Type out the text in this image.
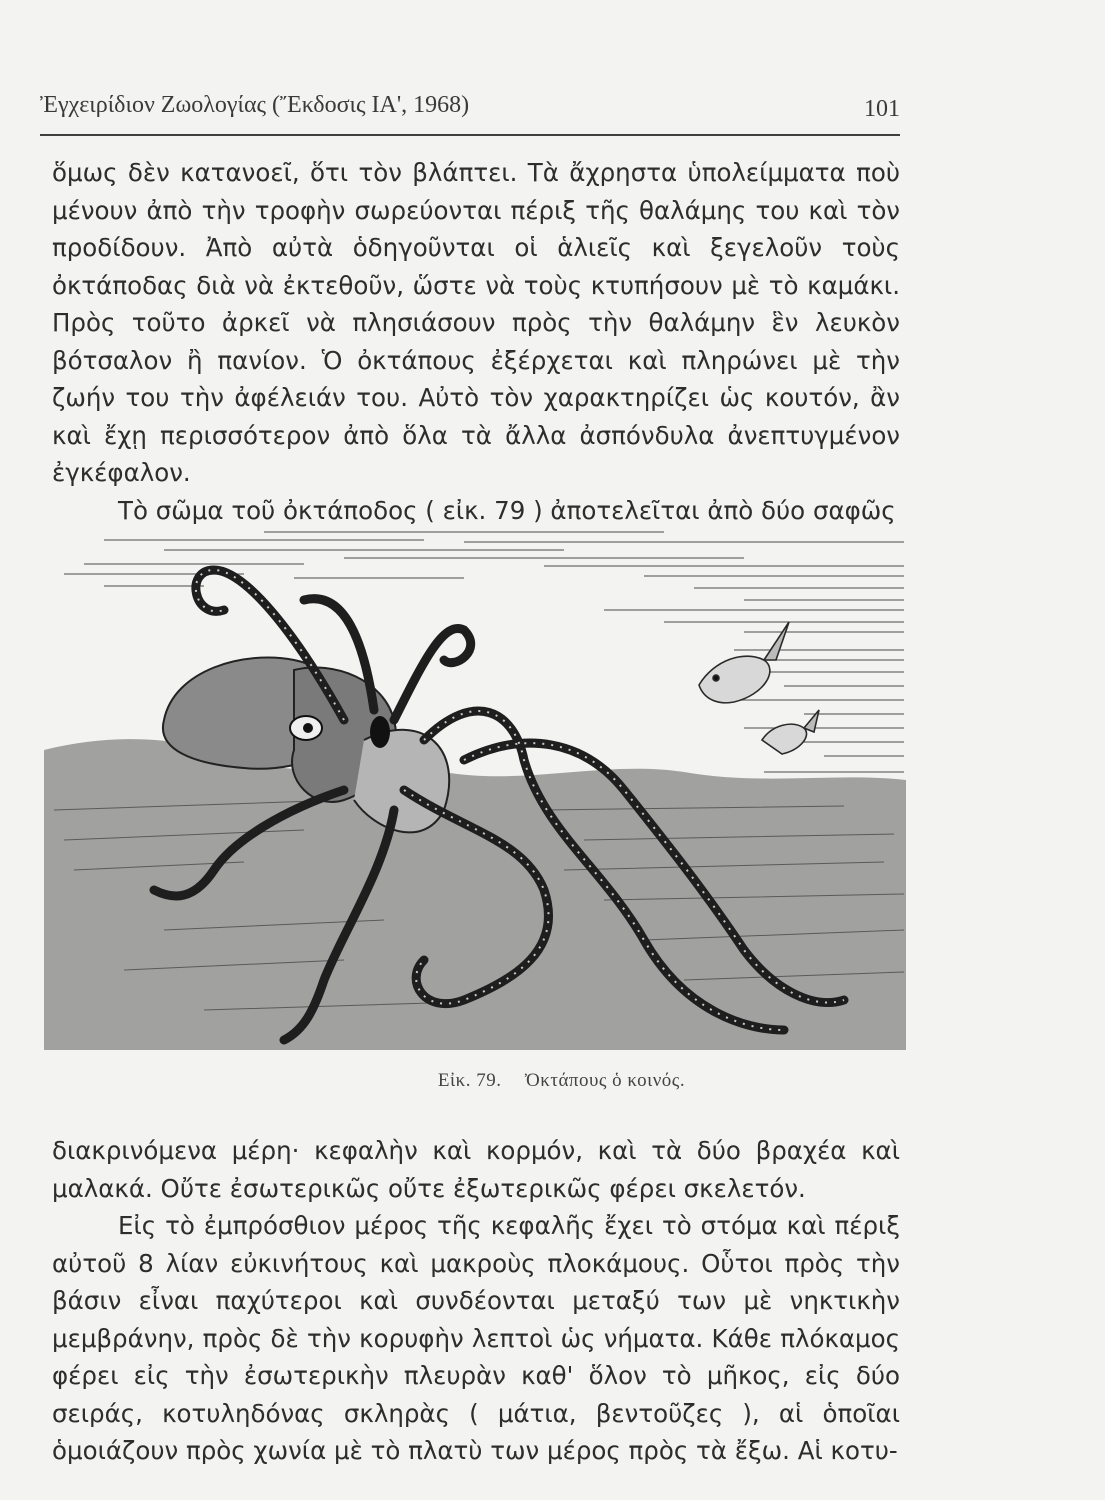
Ἐγχειρίδιον Ζωολογίας (Ἔκδοσις ΙΑ', 1968)	101

ὅμως δὲν κατανοεῖ, ὅτι τὸν βλάπτει. Τὰ ἄχρηστα ὑπολείμματα ποὺ μένουν ἀπὸ τὴν τροφὴν σωρεύονται πέριξ τῆς θαλάμης του καὶ τὸν προδίδουν. Ἀπὸ αὐτὰ ὁδηγοῦνται οἱ ἁλιεῖς καὶ ξεγελοῦν τοὺς ὀκτάποδας διὰ νὰ ἐκτεθοῦν, ὥστε νὰ τοὺς κτυπήσουν μὲ τὸ καμάκι. Πρὸς τοῦτο ἀρκεῖ νὰ πλησιάσουν πρὸς τὴν θαλάμην ἓν λευκὸν βότσαλον ἢ πανίον. Ὁ ὀκτάπους ἐξέρχεται καὶ πληρώνει μὲ τὴν ζωήν του τὴν ἀφέλειάν του. Αὐτὸ τὸν χαρακτηρίζει ὡς κουτόν, ἂν καὶ ἔχῃ περισσότερον ἀπὸ ὅλα τὰ ἄλλα ἀσπόνδυλα ἀνεπτυγμένον ἐγκέφαλον.

Τὸ σῶμα τοῦ ὀκτάποδος ( εἰκ. 79 ) ἀποτελεῖται ἀπὸ δύο σαφῶς

Εἰκ. 79. Ὀκτάπους ὁ κοινός.

διακρινόμενα μέρη· κεφαλὴν καὶ κορμόν, καὶ τὰ δύο βραχέα καὶ μαλακά. Οὔτε ἐσωτερικῶς οὔτε ἐξωτερικῶς φέρει σκελετόν.

Εἰς τὸ ἐμπρόσθιον μέρος τῆς κεφαλῆς ἔχει τὸ στόμα καὶ πέριξ αὐτοῦ 8 λίαν εὐκινήτους καὶ μακροὺς πλοκάμους. Οὗτοι πρὸς τὴν βάσιν εἶναι παχύτεροι καὶ συνδέονται μεταξύ των μὲ νηκτικὴν μεμβράνην, πρὸς δὲ τὴν κορυφὴν λεπτοὶ ὡς νήματα. Κάθε πλόκαμος φέρει εἰς τὴν ἐσωτερικὴν πλευρὰν καθ' ὅλον τὸ μῆκος, εἰς δύο σειράς, κοτυληδόνας σκληρὰς ( μάτια, βεντοῦζες ), αἱ ὁποῖαι ὁμοιάζουν πρὸς χωνία μὲ τὸ πλατὺ των μέρος πρὸς τὰ ἔξω. Αἱ κοτυ-
